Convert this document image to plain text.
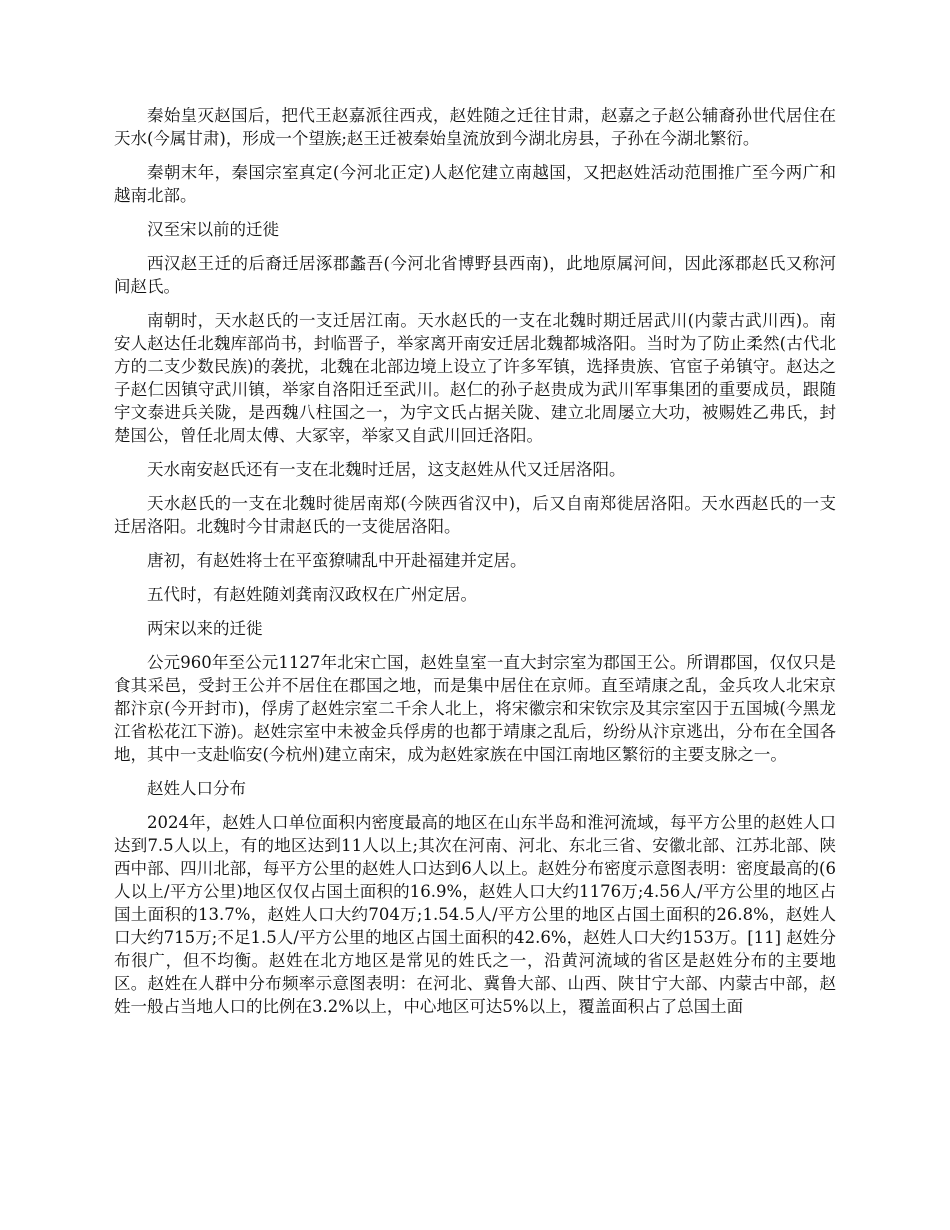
秦始皇灭赵国后，把代王赵嘉派往西戎，赵姓随之迁往甘肃，赵嘉之子赵公辅裔孙世代居住在天水(今属甘肃)，形成一个望族;赵王迁被秦始皇流放到今湖北房县，子孙在今湖北繁衍。

秦朝末年，秦国宗室真定(今河北正定)人赵佗建立南越国，又把赵姓活动范围推广至今两广和越南北部。

汉至宋以前的迁徙

西汉赵王迁的后裔迁居涿郡蠡吾(今河北省博野县西南)，此地原属河间，因此涿郡赵氏又称河间赵氏。

南朝时，天水赵氏的一支迁居江南。天水赵氏的一支在北魏时期迁居武川(内蒙古武川西)。南安人赵达任北魏库部尚书，封临晋子，举家离开南安迁居北魏都城洛阳。当时为了防止柔然(古代北方的二支少数民族)的袭扰，北魏在北部边境上设立了许多军镇，选择贵族、官宦子弟镇守。赵达之子赵仁因镇守武川镇，举家自洛阳迁至武川。赵仁的孙子赵贵成为武川军事集团的重要成员，跟随宇文泰进兵关陇，是西魏八柱国之一，为宇文氏占据关陇、建立北周屡立大功，被赐姓乙弗氏，封楚国公，曾任北周太傅、大冢宰，举家又自武川回迁洛阳。

天水南安赵氏还有一支在北魏时迁居，这支赵姓从代又迁居洛阳。

天水赵氏的一支在北魏时徙居南郑(今陕西省汉中)，后又自南郑徙居洛阳。天水西赵氏的一支迁居洛阳。北魏时今甘肃赵氏的一支徙居洛阳。

唐初，有赵姓将士在平蛮獠啸乱中开赴福建并定居。

五代时，有赵姓随刘龚南汉政权在广州定居。

两宋以来的迁徙

公元960年至公元1127年北宋亡国，赵姓皇室一直大封宗室为郡国王公。所谓郡国，仅仅只是食其采邑，受封王公并不居住在郡国之地，而是集中居住在京师。直至靖康之乱，金兵攻人北宋京都汴京(今开封市)，俘虏了赵姓宗室二千余人北上，将宋徽宗和宋钦宗及其宗室囚于五国城(今黑龙江省松花江下游)。赵姓宗室中未被金兵俘虏的也都于靖康之乱后，纷纷从汴京逃出，分布在全国各地，其中一支赴临安(今杭州)建立南宋，成为赵姓家族在中国江南地区繁衍的主要支脉之一。

赵姓人口分布

2024年，赵姓人口单位面积内密度最高的地区在山东半岛和淮河流域，每平方公里的赵姓人口达到7.5人以上，有的地区达到11人以上;其次在河南、河北、东北三省、安徽北部、江苏北部、陕西中部、四川北部，每平方公里的赵姓人口达到6人以上。赵姓分布密度示意图表明：密度最高的(6人以上/平方公里)地区仅仅占国土面积的16.9%，赵姓人口大约1176万;4.56人/平方公里的地区占国土面积的13.7%，赵姓人口大约704万;1.54.5人/平方公里的地区占国土面积的26.8%，赵姓人口大约715万;不足1.5人/平方公里的地区占国土面积的42.6%，赵姓人口大约153万。[11] 赵姓分布很广，但不均衡。赵姓在北方地区是常见的姓氏之一，沿黄河流域的省区是赵姓分布的主要地区。赵姓在人群中分布频率示意图表明：在河北、冀鲁大部、山西、陕甘宁大部、内蒙古中部，赵姓一般占当地人口的比例在3.2%以上，中心地区可达5%以上，覆盖面积占了总国土面
